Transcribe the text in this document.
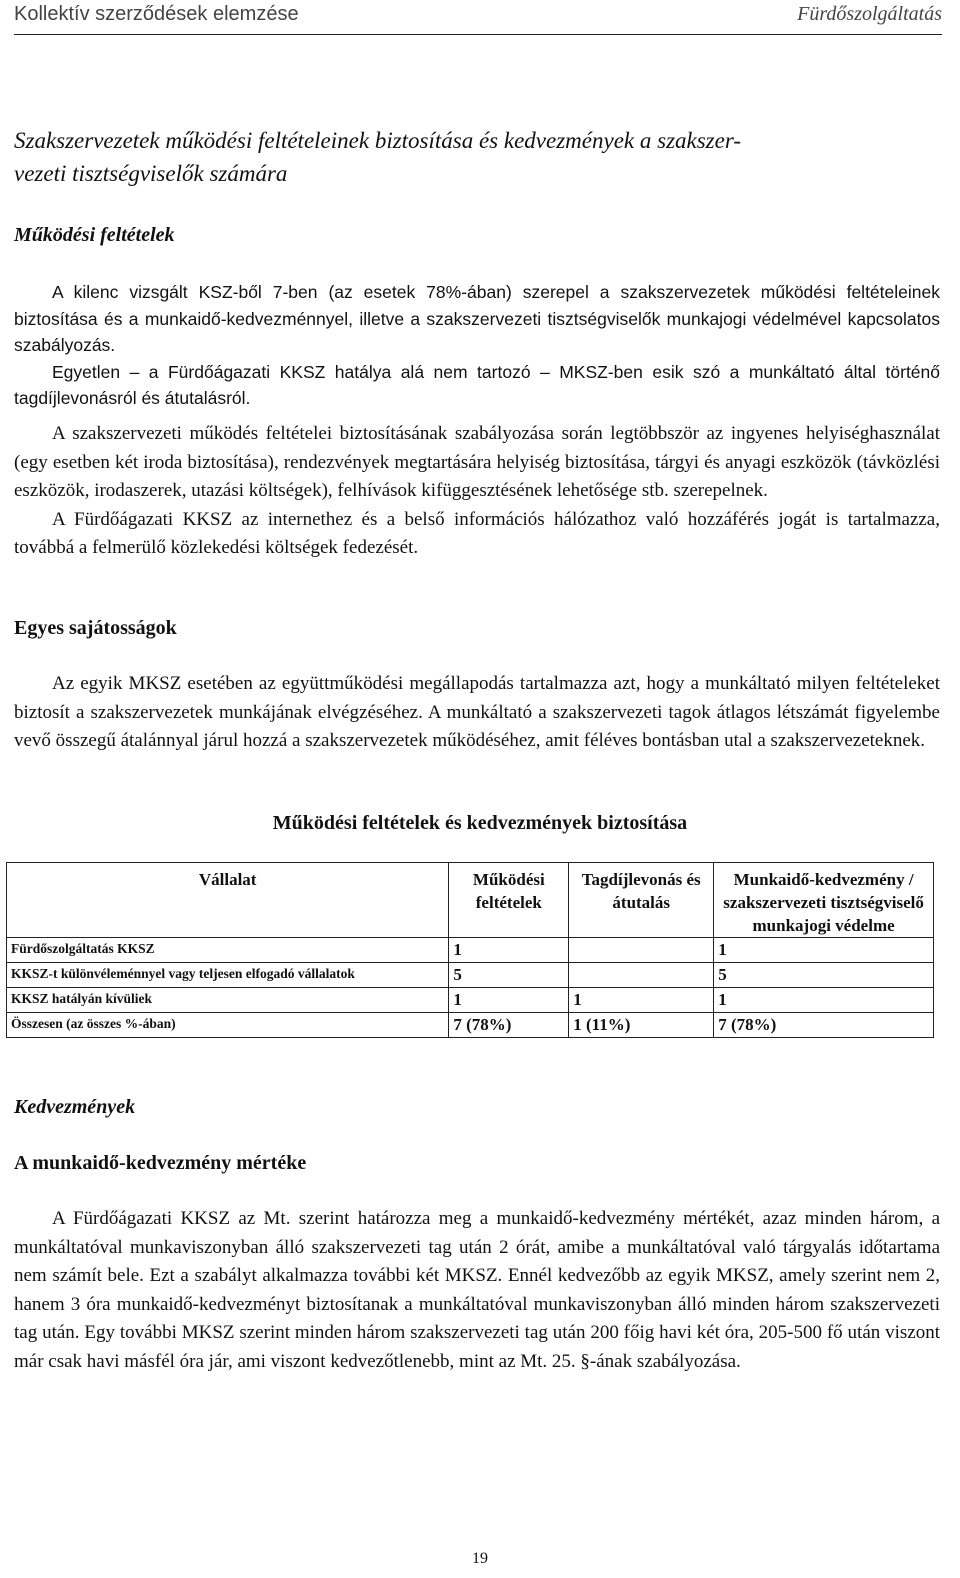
Kollektív szerződések elemzése	Fürdőszolgáltatás
Szakszervezetek működési feltételeinek biztosítása és kedvezmények a szakszer-
vezeti tisztségviselők számára
Működési feltételek

A kilenc vizsgált KSZ-ből 7-ben (az esetek 78%-ában) szerepel a szakszervezetek működési feltételeinek biztosítása és a munkaidő-kedvezménnyel, illetve a szakszervezeti tisztségviselők munkajogi védelmével kapcsolatos szabályozás.

Egyetlen – a Fürdőágazati KKSZ hatálya alá nem tartozó – MKSZ-ben esik szó a munkáltató által történő tagdíjlevonásról és átutalásról.

A szakszervezeti működés feltételei biztosításának szabályozása során legtöbbször az ingyenes helyiséghasználat (egy esetben két iroda biztosítása), rendezvények megtartására helyiség biztosítása, tárgyi és anyagi eszközök (távközlési eszközök, irodaszerek, utazási költségek), felhívások kifüggesztésének lehetősége stb. szerepelnek.

A Fürdőágazati KKSZ az internethez és a belső információs hálózathoz való hozzáférés jogát is tartalmazza, továbbá a felmerülő közlekedési költségek fedezését.

Egyes sajátosságok

Az egyik MKSZ esetében az együttműködési megállapodás tartalmazza azt, hogy a munkáltató milyen feltételeket biztosít a szakszervezetek munkájának elvégzéséhez. A munkáltató a szakszervezeti tagok átlagos létszámát figyelembe vevő összegű átalánnyal járul hozzá a szakszervezetek működéséhez, amit féléves bontásban utal a szakszervezeteknek.

Működési feltételek és kedvezmények biztosítása
Vállalat	Működési feltételek	Tagdíjlevonás és átutalás	Munkaidő-kedvezmény / szakszervezeti tisztségviselő munkajogi védelme
Fürdőszolgáltatás KKSZ	1		1
KKSZ-t különvéleménnyel vagy teljesen elfogadó vállalatok	5		5
KKSZ hatályán kívüliek	1	1	1
Összesen (az összes %-ában)	7 (78%)	1 (11%)	7 (78%)
Kedvezmények
A munkaidő-kedvezmény mértéke

A Fürdőágazati KKSZ az Mt. szerint határozza meg a munkaidő-kedvezmény mértékét, azaz minden három, a munkáltatóval munkaviszonyban álló szakszervezeti tag után 2 órát, amibe a munkáltatóval való tárgyalás időtartama nem számít bele. Ezt a szabályt alkalmazza további két MKSZ. Ennél kedvezőbb az egyik MKSZ, amely szerint nem 2, hanem 3 óra munkaidő-kedvezményt biztosítanak a munkáltatóval munkaviszonyban álló minden három szakszervezeti tag után. Egy további MKSZ szerint minden három szakszervezeti tag után 200 főig havi két óra, 205-500 fő után viszont már csak havi másfél óra jár, ami viszont kedvezőtlenebb, mint az Mt. 25. §-ának szabályozása.

19
